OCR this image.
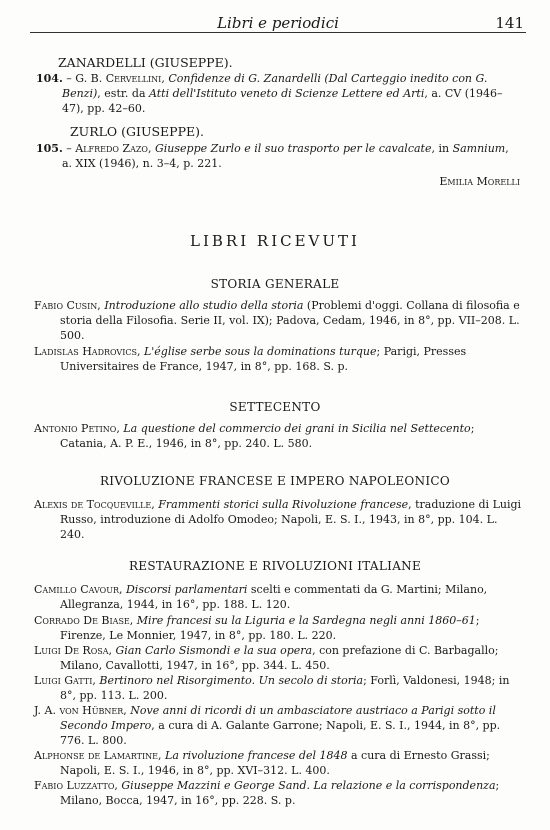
Libri e periodici	141
ZANARDELLI (GIUSEPPE).
104. – G. B. Cervellini, Confidenze di G. Zanardelli (Dal Carteggio inedito con G. Benzi), estr. da Atti dell'Istituto veneto di Scienze Lettere ed Arti, a. CV (1946–47), pp. 42–60.
ZURLO (GIUSEPPE).
105. – Alfredo Zazo, Giuseppe Zurlo e il suo trasporto per le cavalcate, in Samnium, a. XIX (1946), n. 3–4, p. 221.
Emilia Morelli
LIBRI RICEVUTI
STORIA GENERALE
Fabio Cusin, Introduzione allo studio della storia (Problemi d'oggi. Collana di filosofia e storia della Filosofia. Serie II, vol. IX); Padova, Cedam, 1946, in 8°, pp. VII–208. L. 500.
Ladislas Hadrovics, L'église serbe sous la dominations turque; Parigi, Presses Universitaires de France, 1947, in 8°, pp. 168. S. p.
SETTECENTO
Antonio Petino, La questione del commercio dei grani in Sicilia nel Settecento; Catania, A. P. E., 1946, in 8°, pp. 240. L. 580.
RIVOLUZIONE FRANCESE E IMPERO NAPOLEONICO
Alexis de Tocqueville, Frammenti storici sulla Rivoluzione francese, traduzione di Luigi Russo, introduzione di Adolfo Omodeo; Napoli, E. S. I., 1943, in 8°, pp. 104. L. 240.
RESTAURAZIONE E RIVOLUZIONI ITALIANE
Camillo Cavour, Discorsi parlamentari scelti e commentati da G. Martini; Milano, Allegranza, 1944, in 16°, pp. 188. L. 120.
Corrado De Biase, Mire francesi su la Liguria e la Sardegna negli anni 1860–61; Firenze, Le Monnier, 1947, in 8°, pp. 180. L. 220.
Luigi De Rosa, Gian Carlo Sismondi e la sua opera, con prefazione di C. Barbagallo; Milano, Cavallotti, 1947, in 16°, pp. 344. L. 450.
Luigi Gatti, Bertinoro nel Risorgimento. Un secolo di storia; Forlì, Valdonesi, 1948; in 8°, pp. 113. L. 200.
J. A. von Hübner, Nove anni di ricordi di un ambasciatore austriaco a Parigi sotto il Secondo Impero, a cura di A. Galante Garrone; Napoli, E. S. I., 1944, in 8°, pp. 776. L. 800.
Alphonse de Lamartine, La rivoluzione francese del 1848 a cura di Ernesto Grassi; Napoli, E. S. I., 1946, in 8°, pp. XVI–312. L. 400.
Fabio Luzzatto, Giuseppe Mazzini e George Sand. La relazione e la corrispondenza; Milano, Bocca, 1947, in 16°, pp. 228. S. p.
